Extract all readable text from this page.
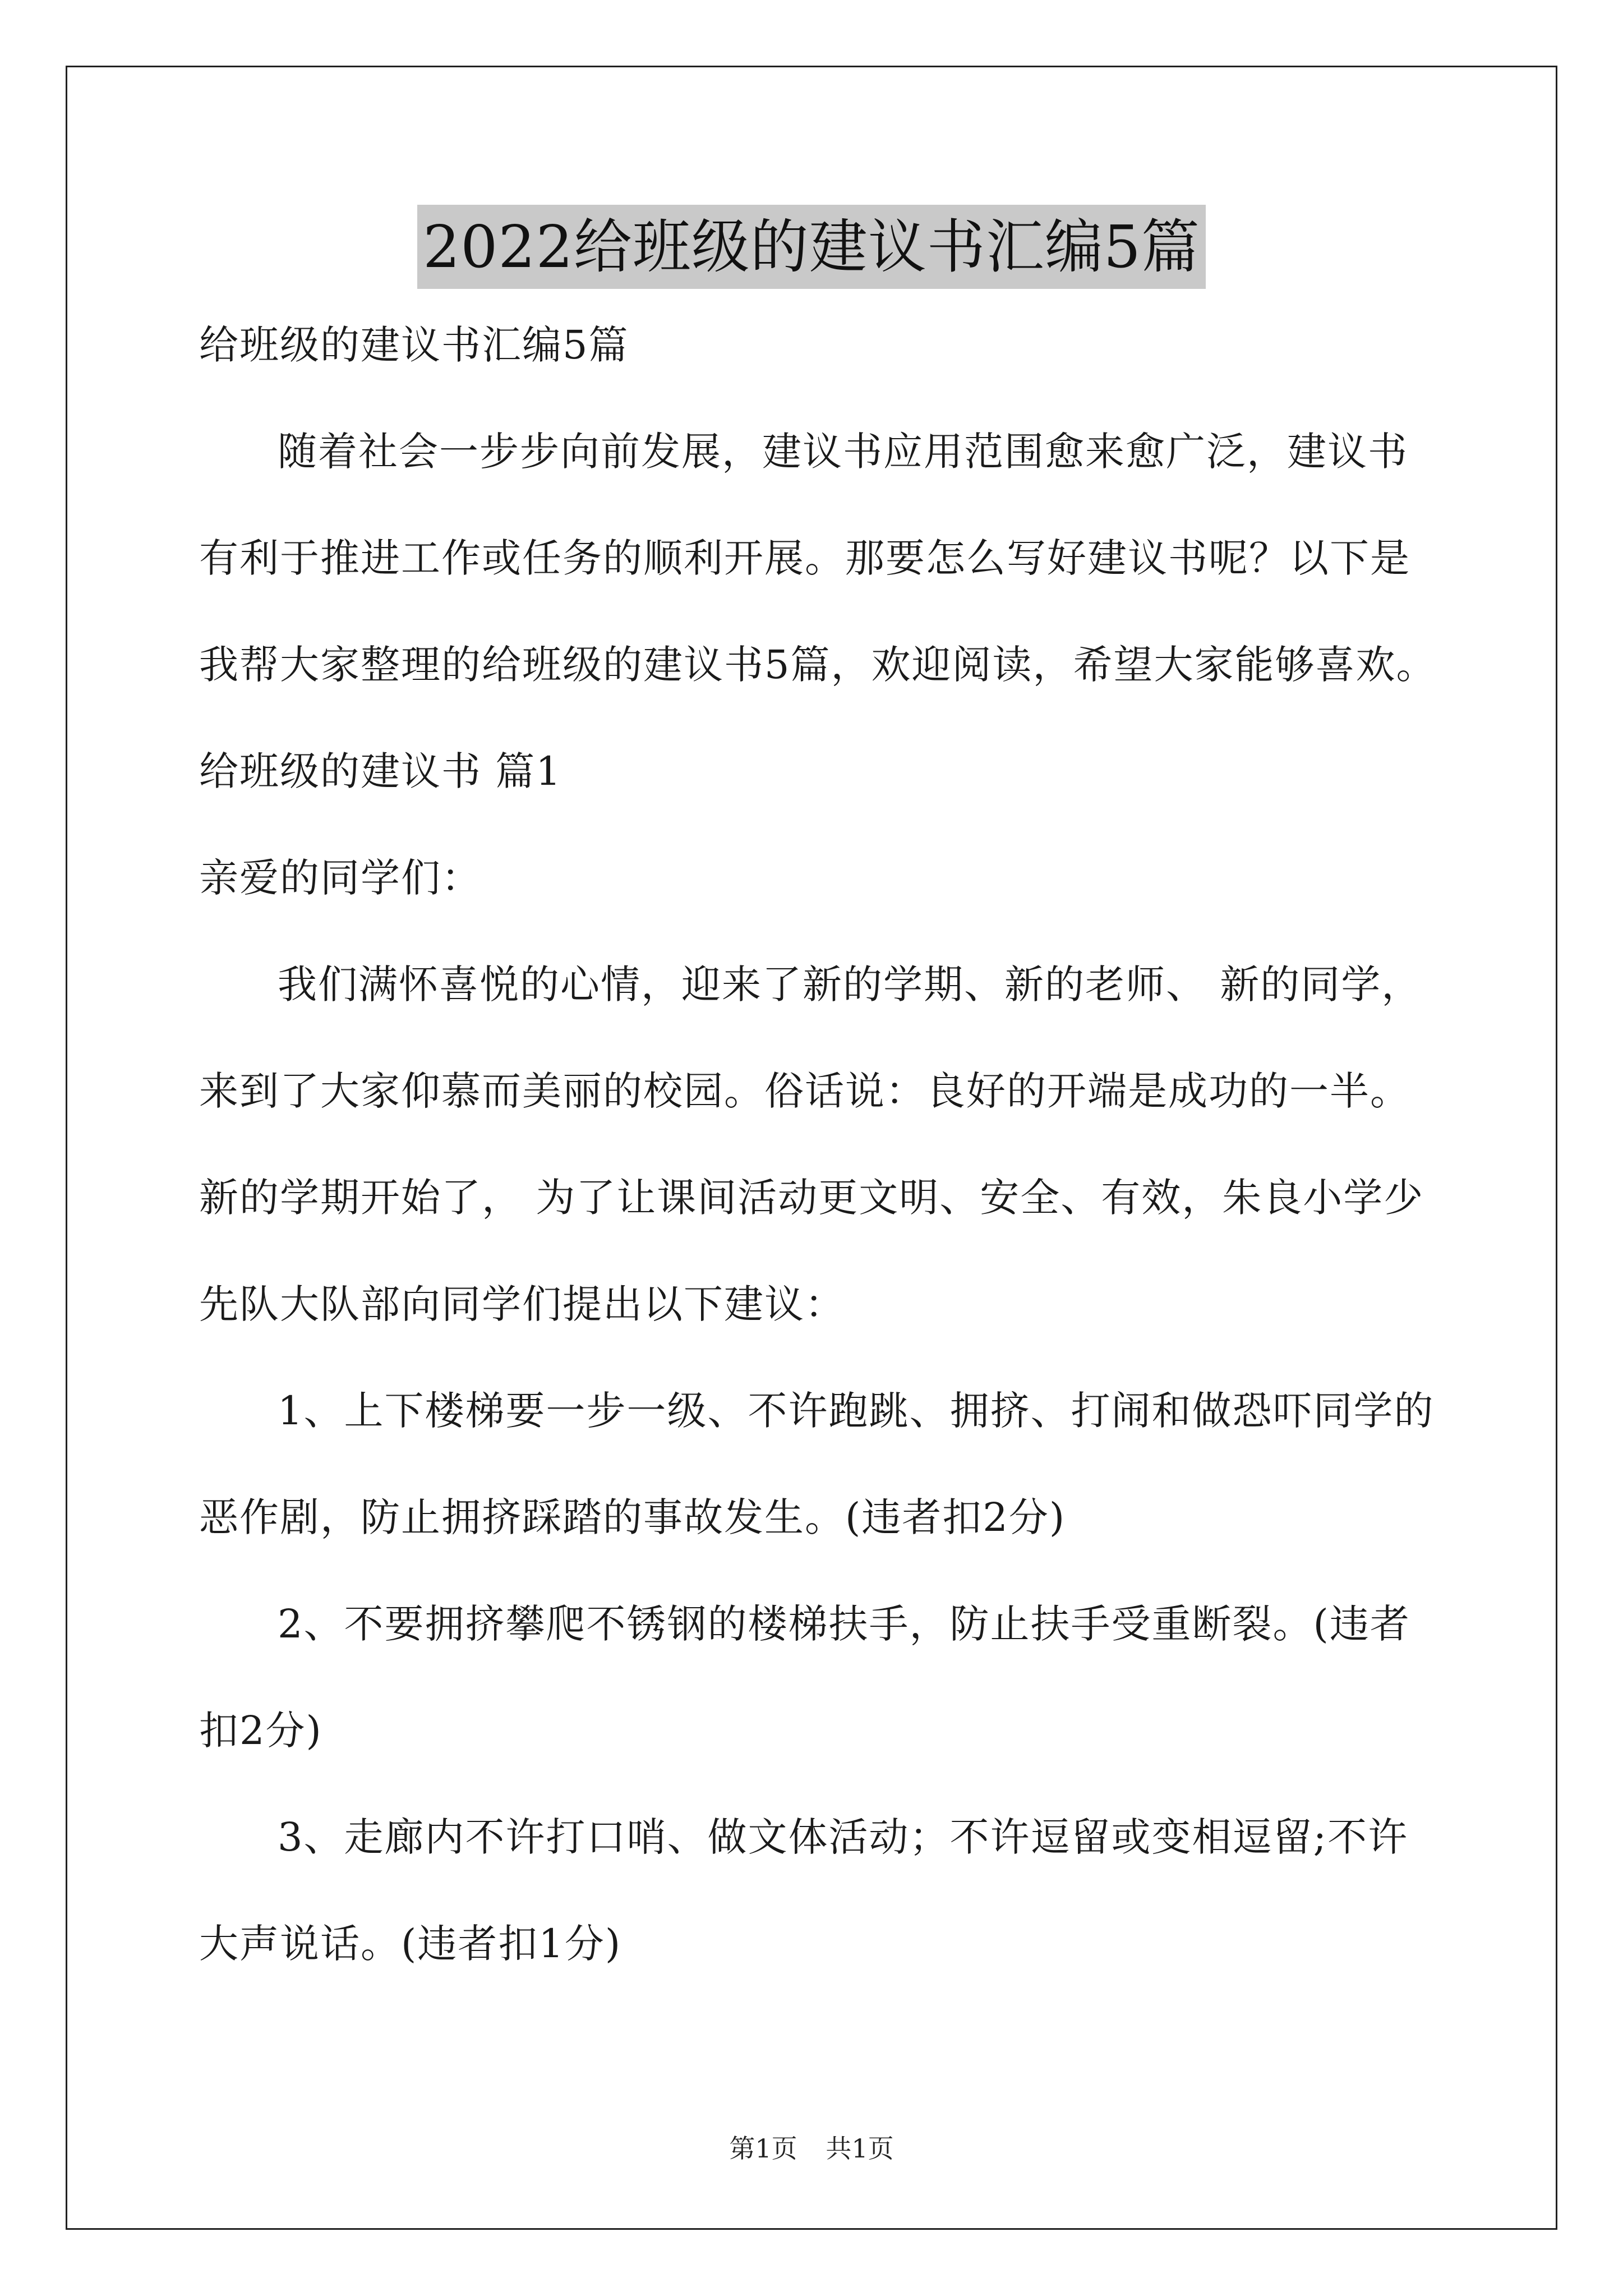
2022给班级的建议书汇编5篇
给班级的建议书汇编5篇
随着社会一步步向前发展，建议书应用范围愈来愈广泛，建议书
有利于推进工作或任务的顺利开展。那要怎么写好建议书呢？以下是
我帮大家整理的给班级的建议书5篇，欢迎阅读，希望大家能够喜欢。
给班级的建议书 篇1
亲爱的同学们：
我们满怀喜悦的心情，迎来了新的学期、新的老师、 新的同学，
来到了大家仰慕而美丽的校园。俗话说：良好的开端是成功的一半。
新的学期开始了， 为了让课间活动更文明、安全、有效，朱良小学少
先队大队部向同学们提出以下建议：
1、上下楼梯要一步一级、不许跑跳、拥挤、打闹和做恐吓同学的
恶作剧，防止拥挤踩踏的事故发生。(违者扣2分)
2、不要拥挤攀爬不锈钢的楼梯扶手，防止扶手受重断裂。(违者
扣2分)
3、走廊内不许打口哨、做文体活动；不许逗留或变相逗留;不许
大声说话。(违者扣1分)
第1页 共1页
